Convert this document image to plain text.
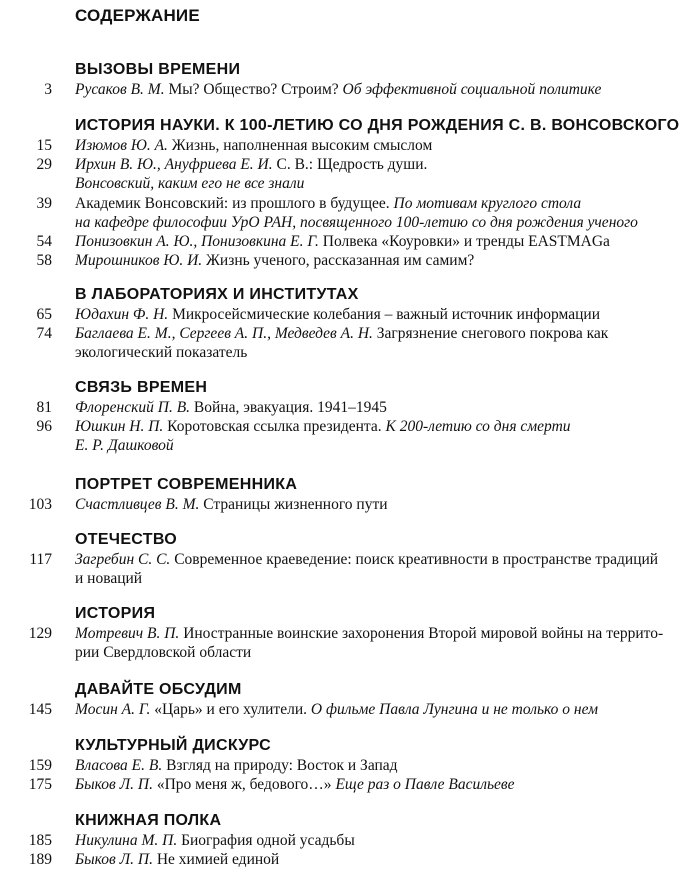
СОДЕРЖАНИЕ
ВЫЗОВЫ ВРЕМЕНИ
3 Русаков В. М. Мы? Общество? Строим? Об эффективной социальной политике
ИСТОРИЯ НАУКИ. К 100-ЛЕТИЮ СО ДНЯ РОЖДЕНИЯ С. В. ВОНСОВСКОГО
15 Изюмов Ю. А. Жизнь, наполненная высоким смыслом
29 Ирхин В. Ю., Ануфриева Е. И. С. В.: Щедрость души.
Вонсовский, каким его не все знали
39 Академик Вонсовский: из прошлого в будущее. По мотивам круглого стола
на кафедре философии УрО РАН, посвященного 100-летию со дня рождения ученого
54 Понизовкин А. Ю., Понизовкина Е. Г. Полвека «Коуровки» и тренды EASTMAGа
58 Мирошников Ю. И. Жизнь ученого, рассказанная им самим?
В ЛАБОРАТОРИЯХ И ИНСТИТУТАХ
65 Юдахин Ф. Н. Микросейсмические колебания – важный источник информации
74 Баглаева Е. М., Сергеев А. П., Медведев А. Н. Загрязнение снегового покрова как
экологический показатель
СВЯЗЬ ВРЕМЕН
81 Флоренский П. В. Война, эвакуация. 1941–1945
96 Юшкин Н. П. Коротовская ссылка президента. К 200-летию со дня смерти
Е. Р. Дашковой
ПОРТРЕТ СОВРЕМЕННИКА
103 Счастливцев В. М. Страницы жизненного пути
ОТЕЧЕСТВО
117 Загребин С. С. Современное краеведение: поиск креативности в пространстве традиций
и новаций
ИСТОРИЯ
129 Мотревич В. П. Иностранные воинские захоронения Второй мировой войны на террито-
рии Свердловской области
ДАВАЙТЕ ОБСУДИМ
145 Мосин А. Г. «Царь» и его хулители. О фильме Павла Лунгина и не только о нем
КУЛЬТУРНЫЙ ДИСКУРС
159 Власова Е. В. Взгляд на природу: Восток и Запад
175 Быков Л. П. «Про меня ж, бедового…» Еще раз о Павле Васильеве
КНИЖНАЯ ПОЛКА
185 Никулина М. П. Биография одной усадьбы
189 Быков Л. П. Не химией единой
